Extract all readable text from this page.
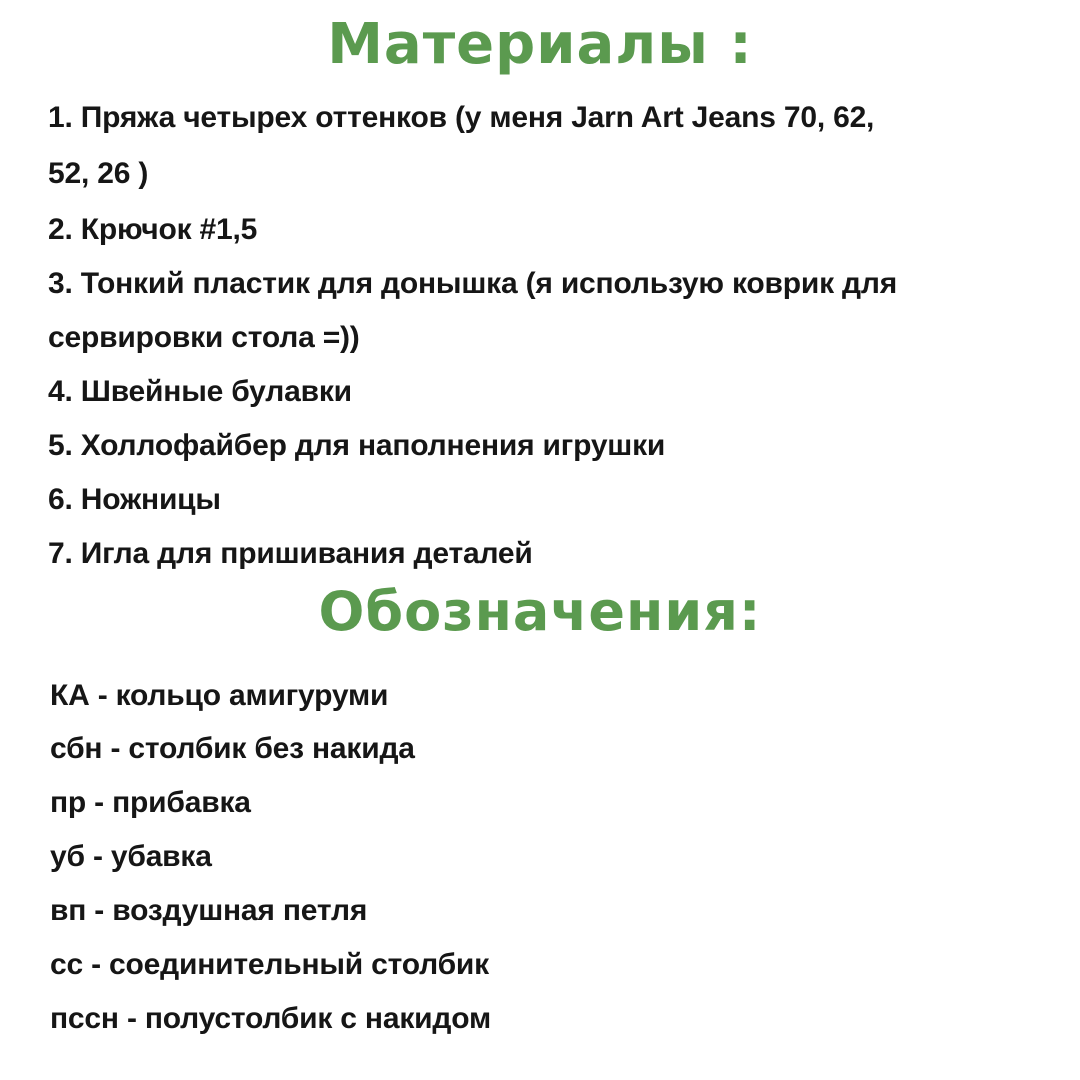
Материалы :
1. Пряжа четырех оттенков (у меня Jarn Art Jeans 70, 62,
52, 26 )
2. Крючок #1,5
3. Тонкий пластик для донышка (я использую коврик для
сервировки стола =))
4. Швейные булавки
5. Холлофайбер для наполнения игрушки
6. Ножницы
7. Игла для пришивания деталей
Обозначения:
КА - кольцо амигуруми
сбн - столбик без накида
пр - прибавка
уб - убавка
вп - воздушная петля
сс - соединительный столбик
пссн - полустолбик с накидом
